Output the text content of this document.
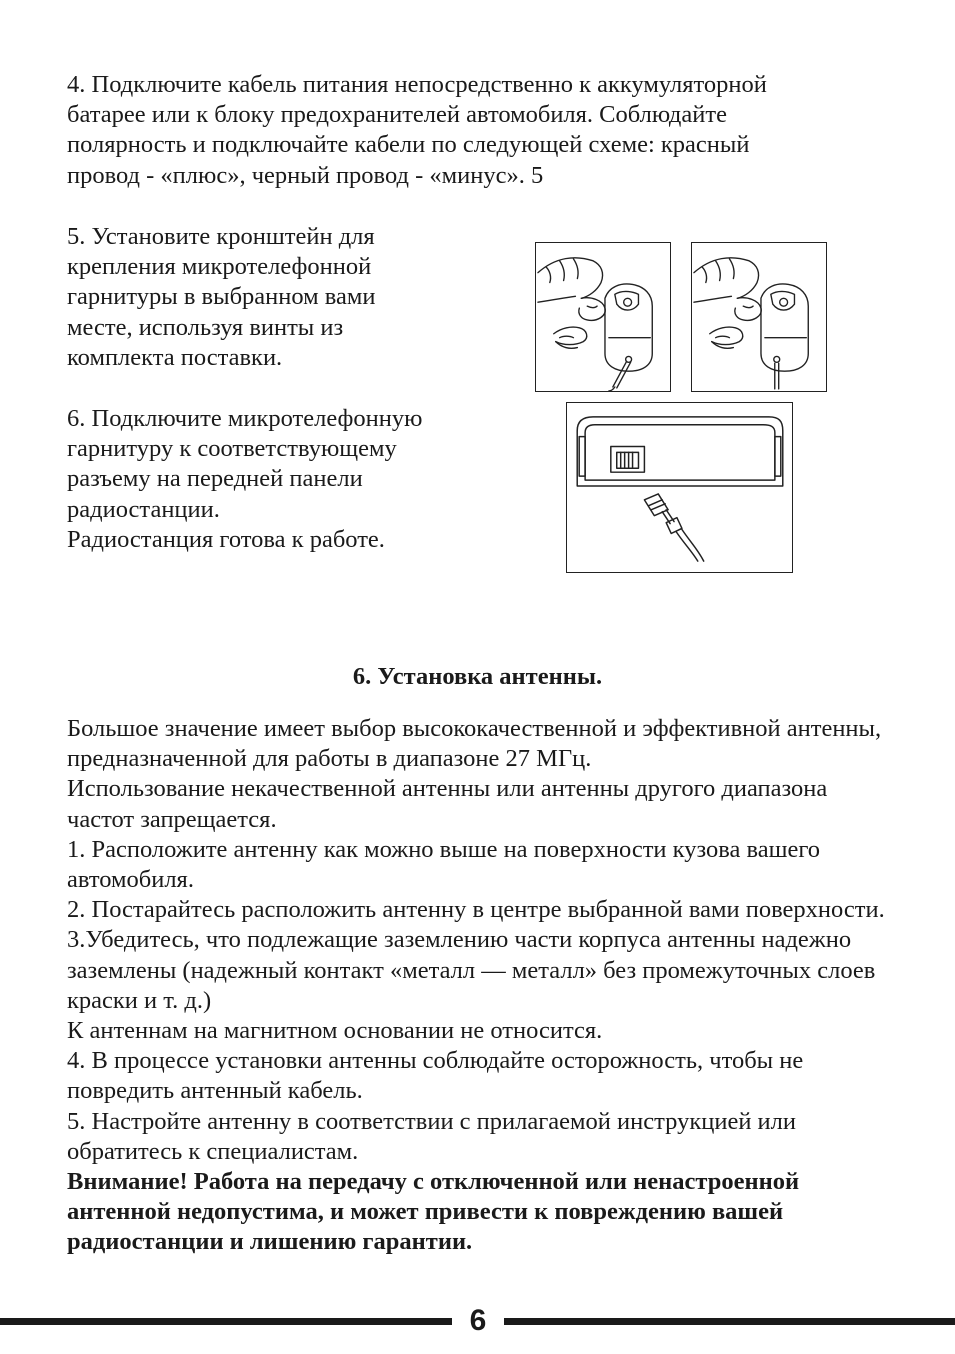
4. Подключите кабель питания непосредственно к аккумуляторной
батарее или к блоку предохранителей автомобиля. Соблюдайте
полярность и подключайте кабели по следующей схеме: красный
провод - «плюс», черный провод - «минус». 5

5. Установите кронштейн для
крепления микротелефонной
гарнитуры в выбранном вами
месте, используя винты из
комплекта поставки.

6. Подключите микротелефонную
гарнитуру к соответствующему
разъему на передней панели
радиостанции.
Радиостанция готова к работе.

6. Установка антенны.

Большое значение имеет выбор высококачественной и эффективной антенны, предназначенной для работы в диапазоне 27 МГц.

Использование некачественной антенны или антенны другого диапазона частот запрещается.

1. Расположите антенну как можно выше на поверхности кузова вашего автомобиля.

2. Постарайтесь расположить антенну в центре выбранной вами поверхности.

3.Убедитесь, что подлежащие заземлению части корпуса антенны надежно заземлены (надежный контакт «металл — металл» без промежуточных слоев краски и т. д.)

К антеннам на магнитном основании не относится.

4. В процессе установки антенны соблюдайте осторожность, чтобы не повредить антенный кабель.

5. Настройте антенну в соответствии с прилагаемой инструкцией или обратитесь к специалистам.

Внимание! Работа на передачу с отключенной или ненастроенной антенной недопустима, и может привести к повреждению вашей радиостанции и лишению гарантии.

6
